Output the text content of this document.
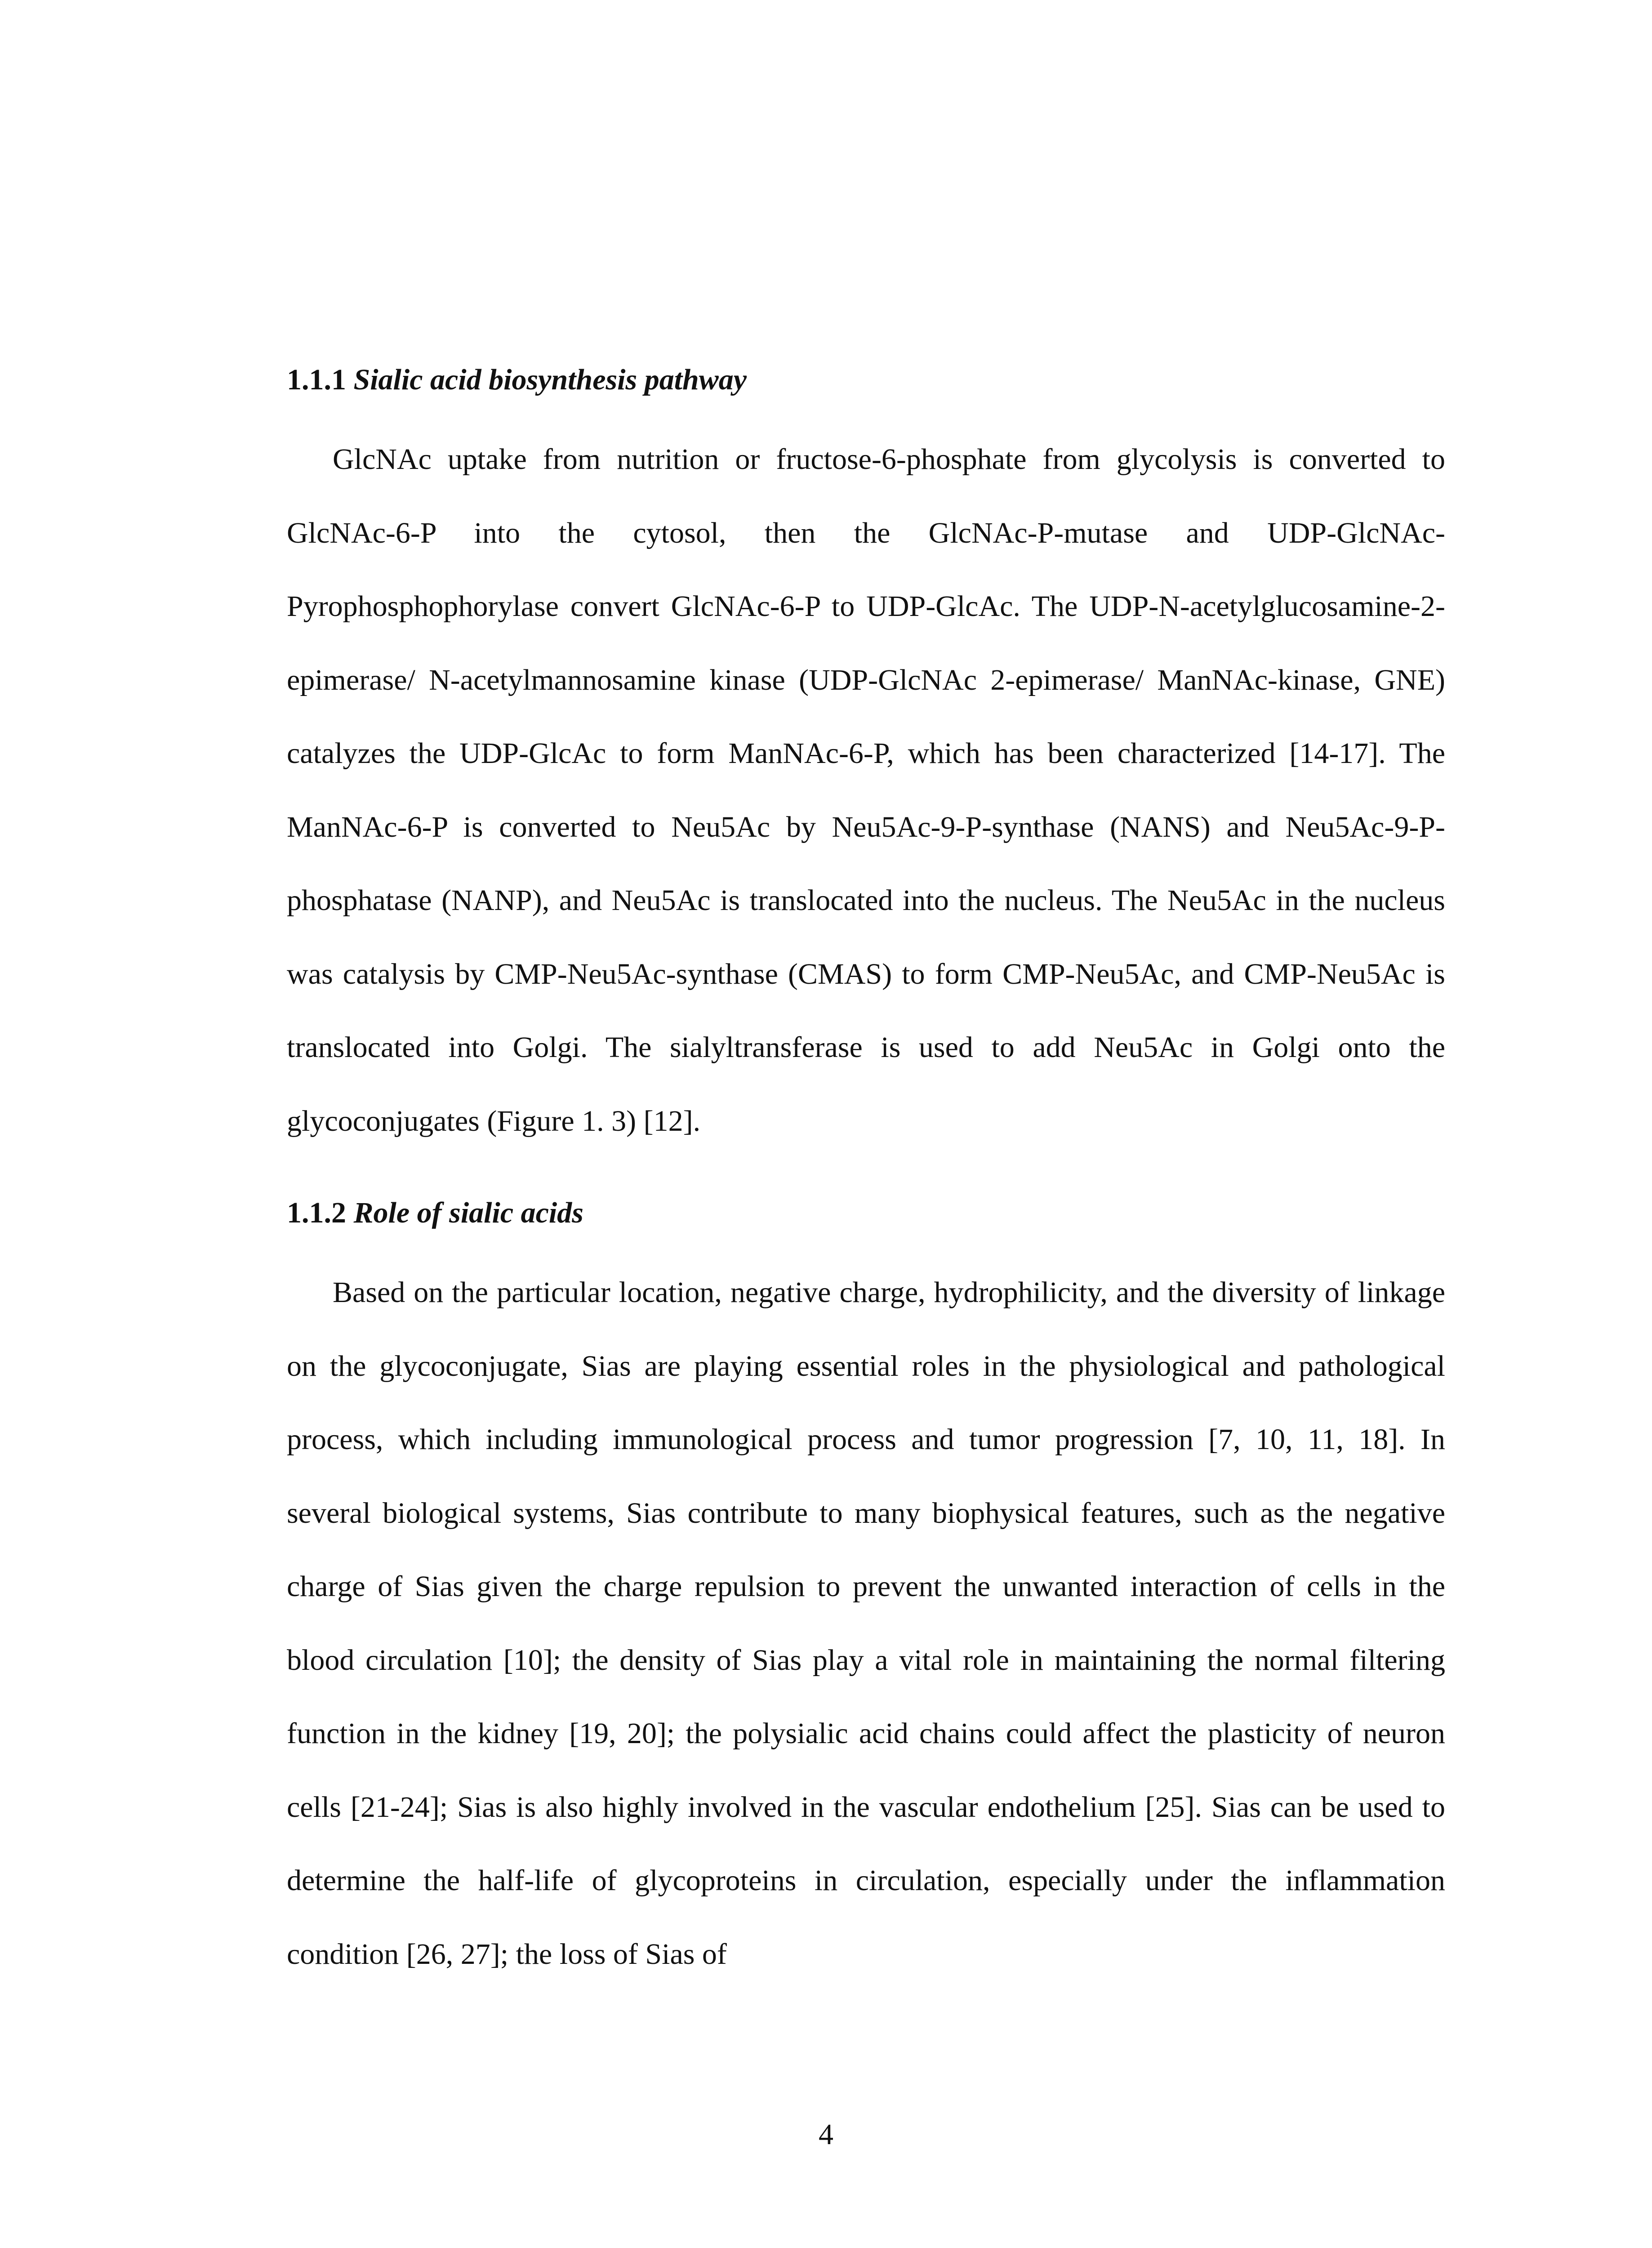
1.1.1 Sialic acid biosynthesis pathway

GlcNAc uptake from nutrition or fructose-6-phosphate from glycolysis is converted to GlcNAc-6-P into the cytosol, then the GlcNAc-P-mutase and UDP-GlcNAc-Pyrophosphophorylase convert GlcNAc-6-P to UDP-GlcAc. The UDP-N-acetylglucosamine-2-epimerase/ N-acetylmannosamine kinase (UDP-GlcNAc 2-epimerase/ ManNAc-kinase, GNE) catalyzes the UDP-GlcAc to form ManNAc-6-P, which has been characterized [14-17]. The ManNAc-6-P is converted to Neu5Ac by Neu5Ac-9-P-synthase (NANS) and Neu5Ac-9-P-phosphatase (NANP), and Neu5Ac is translocated into the nucleus. The Neu5Ac in the nucleus was catalysis by CMP-Neu5Ac-synthase (CMAS) to form CMP-Neu5Ac, and CMP-Neu5Ac is translocated into Golgi. The sialyltransferase is used to add Neu5Ac in Golgi onto the glycoconjugates (Figure 1. 3) [12].

1.1.2 Role of sialic acids

Based on the particular location, negative charge, hydrophilicity, and the diversity of linkage on the glycoconjugate, Sias are playing essential roles in the physiological and pathological process, which including immunological process and tumor progression [7, 10, 11, 18]. In several biological systems, Sias contribute to many biophysical features, such as the negative charge of Sias given the charge repulsion to prevent the unwanted interaction of cells in the blood circulation [10]; the density of Sias play a vital role in maintaining the normal filtering function in the kidney [19, 20]; the polysialic acid chains could affect the plasticity of neuron cells [21-24]; Sias is also highly involved in the vascular endothelium [25]. Sias can be used to determine the half-life of glycoproteins in circulation, especially under the inflammation condition [26, 27]; the loss of Sias of

4
